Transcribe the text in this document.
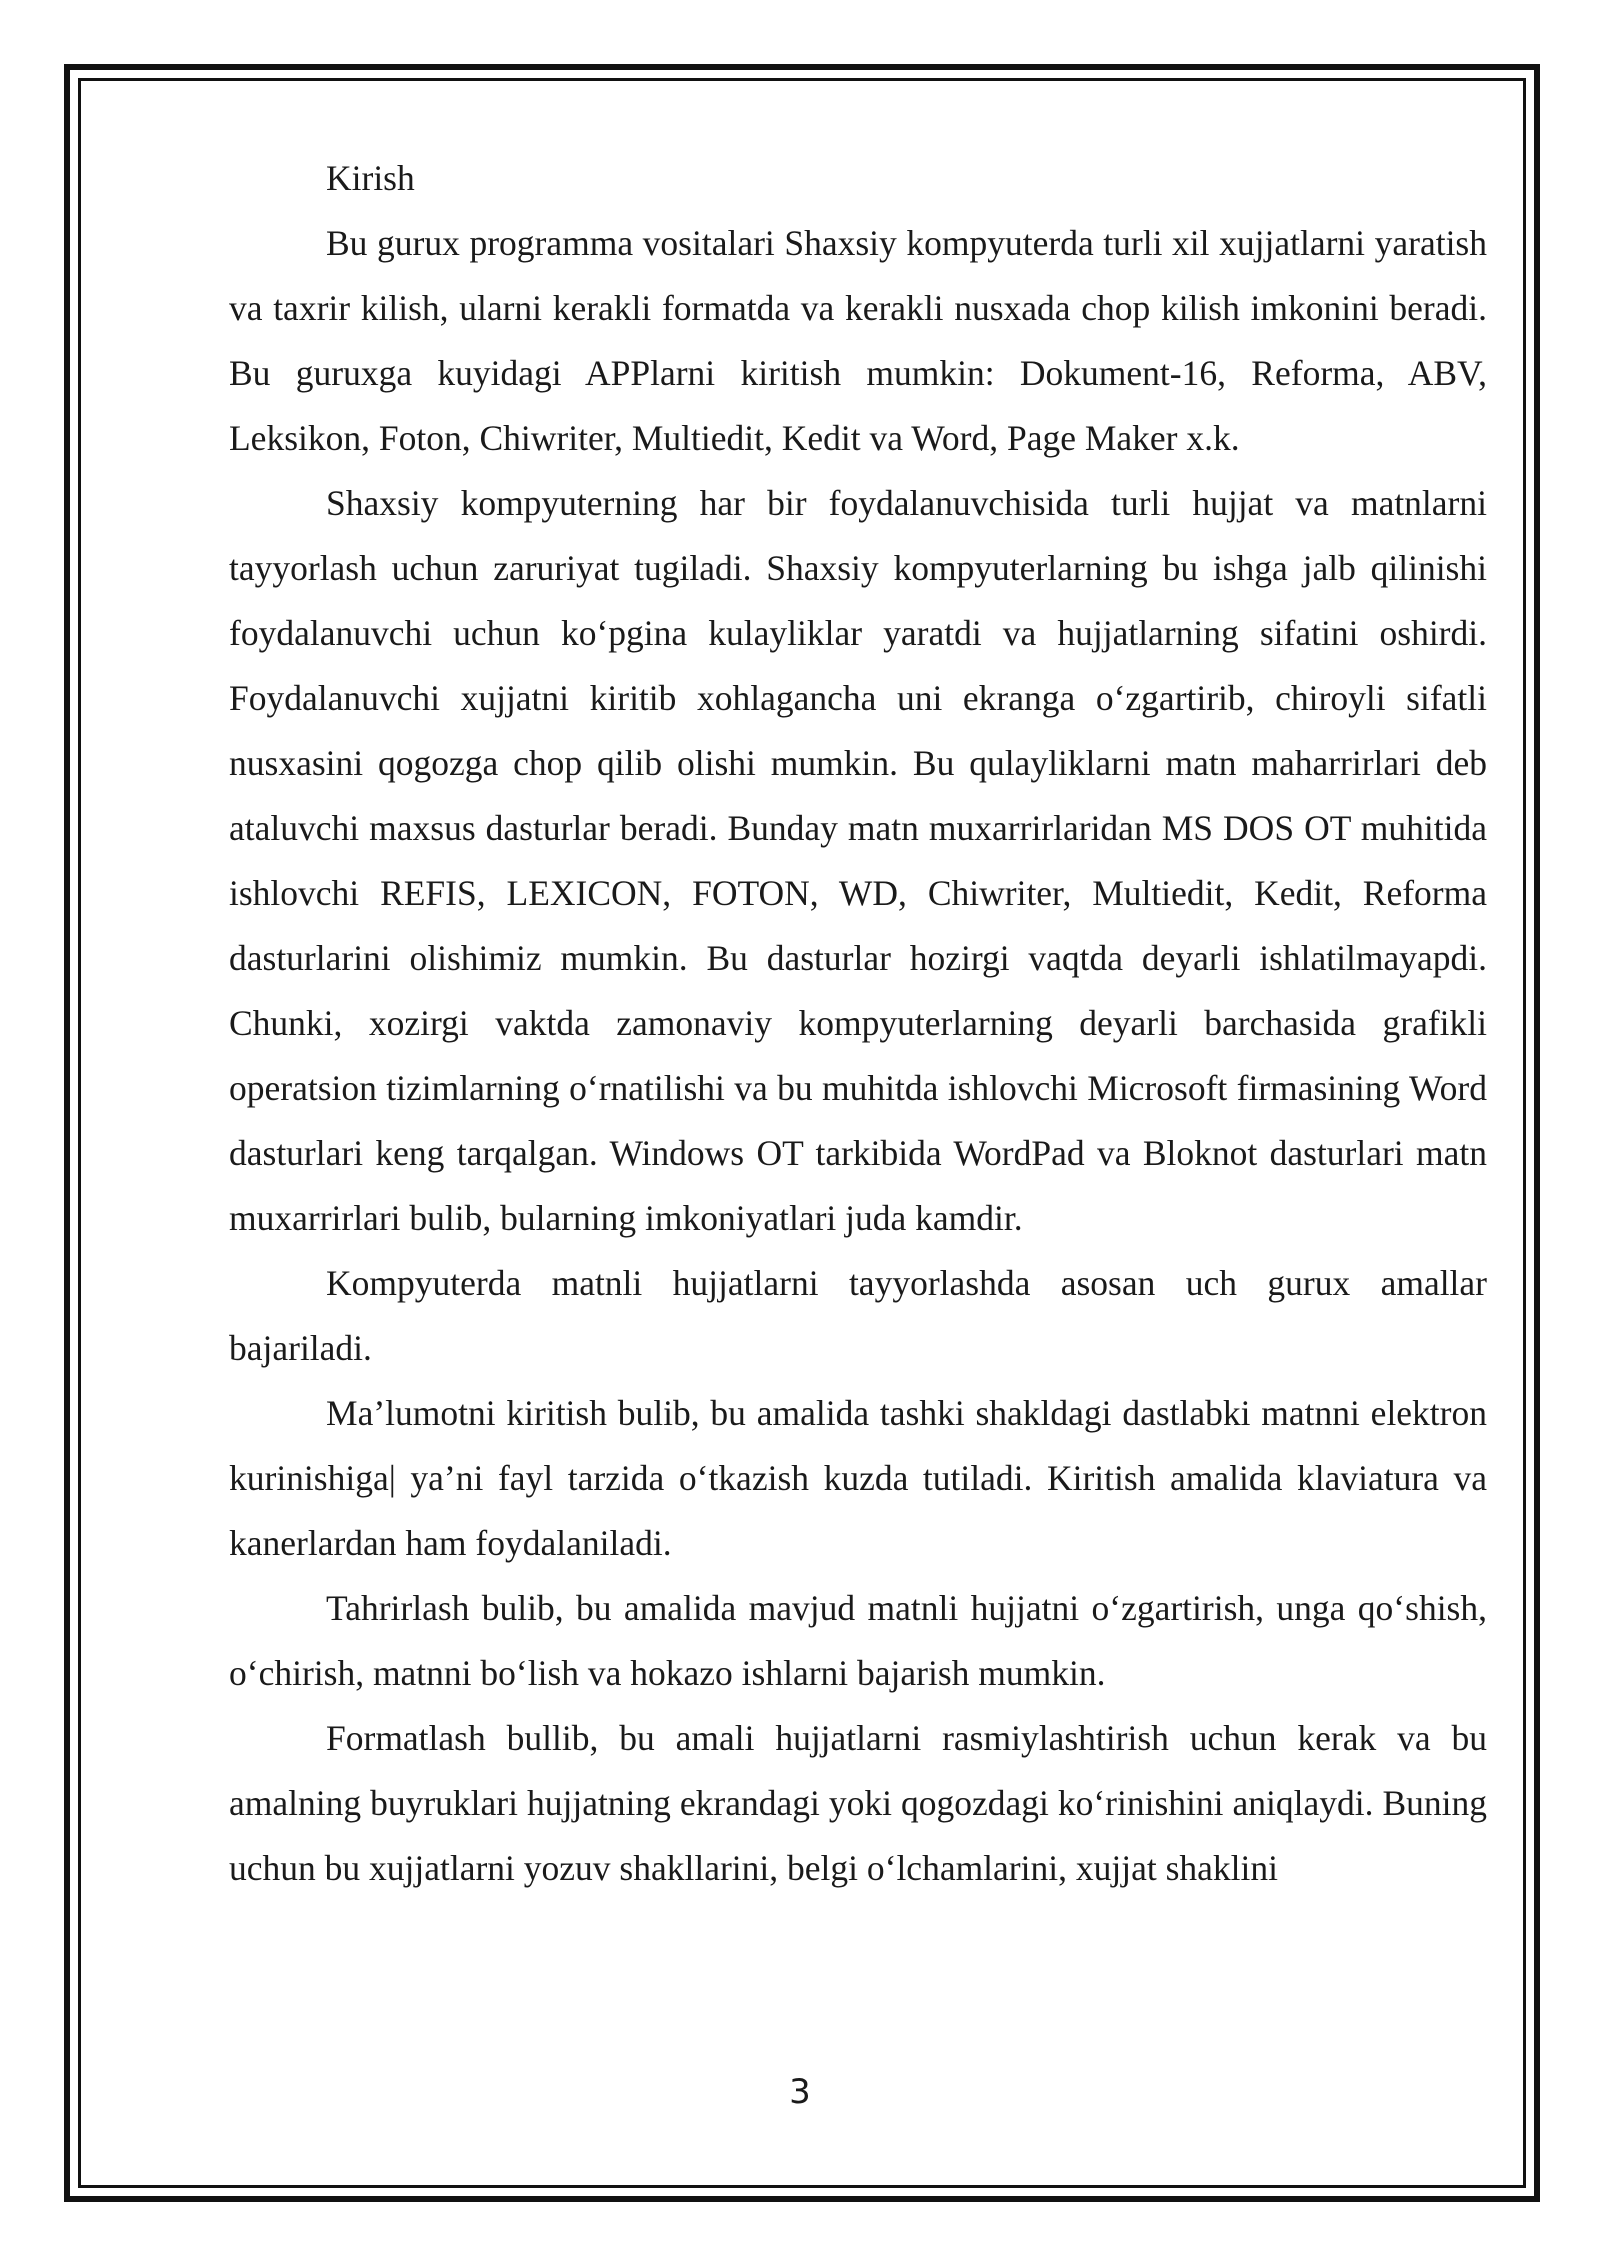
Kirish

Bu gurux programma vositalari Shaxsiy kompyuterda turli xil xujjatlarni yaratish va taxrir kilish, ularni kerakli formatda va kerakli nusxada chop kilish imkonini beradi. Bu guruxga kuyidagi APPlarni kiritish mumkin: Dokument-16, Reforma, ABV, Leksikon, Foton, Chiwriter, Multiedit, Kedit va Word, Page Maker x.k.

Shaxsiy kompyuterning har bir foydalanuvchisida turli hujjat va matnlarni tayyorlash uchun zaruriyat tugiladi. Shaxsiy kompyuterlarning bu ishga jalb qilinishi foydalanuvchi uchun koʻpgina kulayliklar yaratdi va hujjatlarning sifatini oshirdi. Foydalanuvchi xujjatni kiritib xohlagancha uni ekranga oʻzgartirib, chiroyli sifatli nusxasini qogozga chop qilib olishi mumkin. Bu qulayliklarni matn maharrirlari deb ataluvchi maxsus dasturlar beradi. Bunday matn muxarrirlaridan MS DOS OT muhitida ishlovchi REFIS, LEXICON, FOTON, WD, Chiwriter, Multiedit, Kedit, Reforma dasturlarini olishimiz mumkin. Bu dasturlar hozirgi vaqtda deyarli ishlatilmayapdi. Chunki, xozirgi vaktda zamonaviy kompyuterlarning deyarli barchasida grafikli operatsion tizimlarning oʻrnatilishi va bu muhitda ishlovchi Microsoft firmasining Word dasturlari keng tarqalgan. Windows OT tarkibida WordPad va Bloknot dasturlari matn muxarrirlari bulib, bularning imkoniyatlari juda kamdir.

Kompyuterda matnli hujjatlarni tayyorlashda asosan uch gurux amallar bajariladi.

Ma’lumotni kiritish bulib, bu amalida tashki shakldagi dastlabki matnni elektron kurinishiga| ya’ni fayl tarzida oʻtkazish kuzda tutiladi. Kiritish amalida klaviatura va kanerlardan ham foydalaniladi.

Tahrirlash bulib, bu amalida mavjud matnli hujjatni oʻzgartirish, unga qoʻshish, oʻchirish, matnni boʻlish va hokazo ishlarni bajarish mumkin.

Formatlash bullib, bu amali hujjatlarni rasmiylashtirish uchun kerak va bu amalning buyruklari hujjatning ekrandagi yoki qogozdagi koʻrinishini aniqlaydi. Buning uchun bu xujjatlarni yozuv shakllarini, belgi oʻlchamlarini, xujjat shaklini

3
